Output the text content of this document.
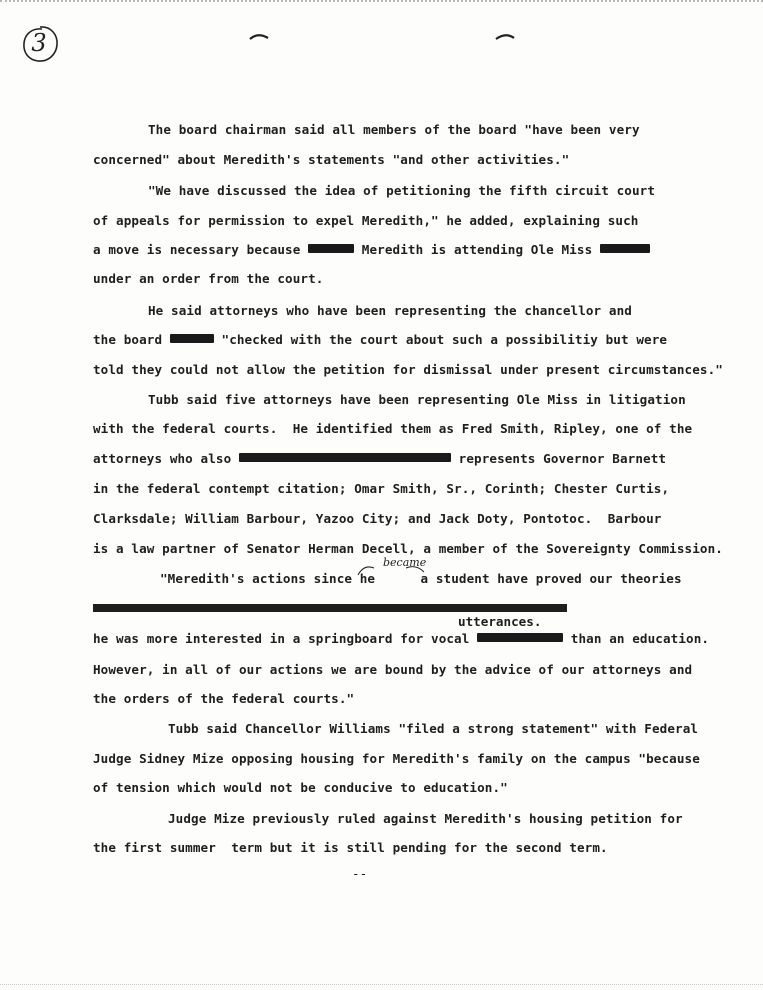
3
The board chairman said all members of the board "have been very
concerned" about Meredith's statements "and other activities."
"We have discussed the idea of petitioning the fifth circuit court
of appeals for permission to expel Meredith," he added, explaining such
a move is necessary because	Meredith is attending Ole Miss
under an order from the court.
He said attorneys who have been representing the chancellor and
the board	"checked with the court about such a possibilitiy but were
told they could not allow the petition for dismissal under present circumstances."
Tubb said five attorneys have been representing Ole Miss in litigation
with the federal courts.  He identified them as Fred Smith, Ripley, one of the
attorneys who also	represents Governor Barnett
in the federal contempt citation; Omar Smith, Sr., Corinth; Chester Curtis,
Clarksdale; William Barbour, Yazoo City; and Jack Doty, Pontotoc.  Barbour
is a law partner of Senator Herman Decell, a member of the Sovereignty Commission.
became
"Meredith's actions since he	a student have proved our theories
utterances.
he was more interested in a springboard for vocal	than an education.
However, in all of our actions we are bound by the advice of our attorneys and
the orders of the federal courts."
Tubb said Chancellor Williams "filed a strong statement" with Federal
Judge Sidney Mize opposing housing for Meredith's family on the campus "because
of tension which would not be conducive to education."
Judge Mize previously ruled against Meredith's housing petition for
the first summer  term but it is still pending for the second term.
--
